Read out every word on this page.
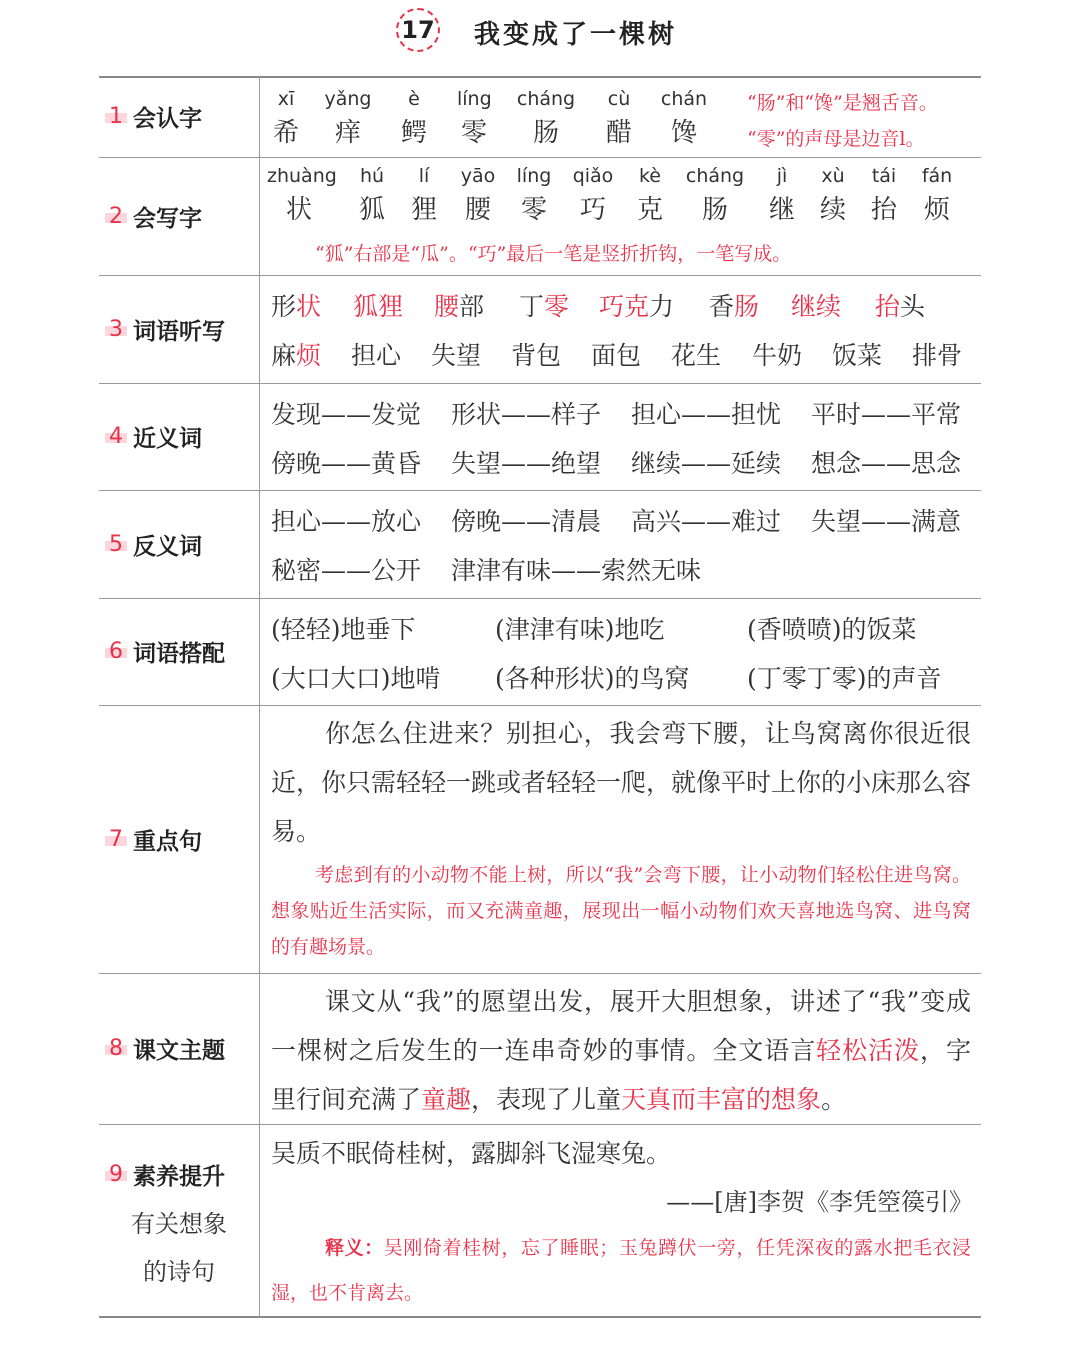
17 我变成了一棵树
1 会认字
xī
希
yǎng
痒
è
鳄
líng
零
cháng
肠
cù
醋
chán
馋
“肠”和“馋”是翘舌音。
“零”的声母是边音l。
2 会写字
zhuàng
状
hú
狐
lí
狸
yāo
腰
líng
零
qiǎo
巧
kè
克
cháng
肠
jì
继
xù
续
tái
抬
fán
烦
“狐”右部是“瓜”。“巧”最后一笔是竖折折钩，一笔写成。
3 词语听写
形状 狐狸 腰部 丁零 巧克力 香肠 继续 抬头
麻烦 担心 失望 背包 面包 花生 牛奶 饭菜 排骨
4 近义词
发现——发觉 形状——样子 担心——担忧 平时——平常
傍晚——黄昏 失望——绝望 继续——延续 想念——思念
5 反义词
担心——放心 傍晚——清晨 高兴——难过 失望——满意
秘密——公开 津津有味——索然无味
6 词语搭配
(轻轻)地垂下	(津津有味)地吃	(香喷喷)的饭菜
(大口大口)地啃 (各种形状)的鸟窝 (丁零丁零)的声音
7 重点句
你怎么住进来？别担心，我会弯下腰，让鸟窝离你很近很近，你只需轻轻一跳或者轻轻一爬，就像平时上你的小床那么容易。
考虑到有的小动物不能上树，所以“我”会弯下腰，让小动物们轻松住进鸟窝。想象贴近生活实际，而又充满童趣，展现出一幅小动物们欢天喜地选鸟窝、进鸟窝的有趣场景。
8 课文主题
课文从“我”的愿望出发，展开大胆想象，讲述了“我”变成一棵树之后发生的一连串奇妙的事情。全文语言轻松活泼，字里行间充满了童趣，表现了儿童天真而丰富的想象。
9 素养提升
有关想象
的诗句
吴质不眠倚桂树，露脚斜飞湿寒兔。
——[唐]李贺《李凭箜篌引》
释义：吴刚倚着桂树，忘了睡眠；玉兔蹲伏一旁，任凭深夜的露水把毛衣浸湿，也不肯离去。
